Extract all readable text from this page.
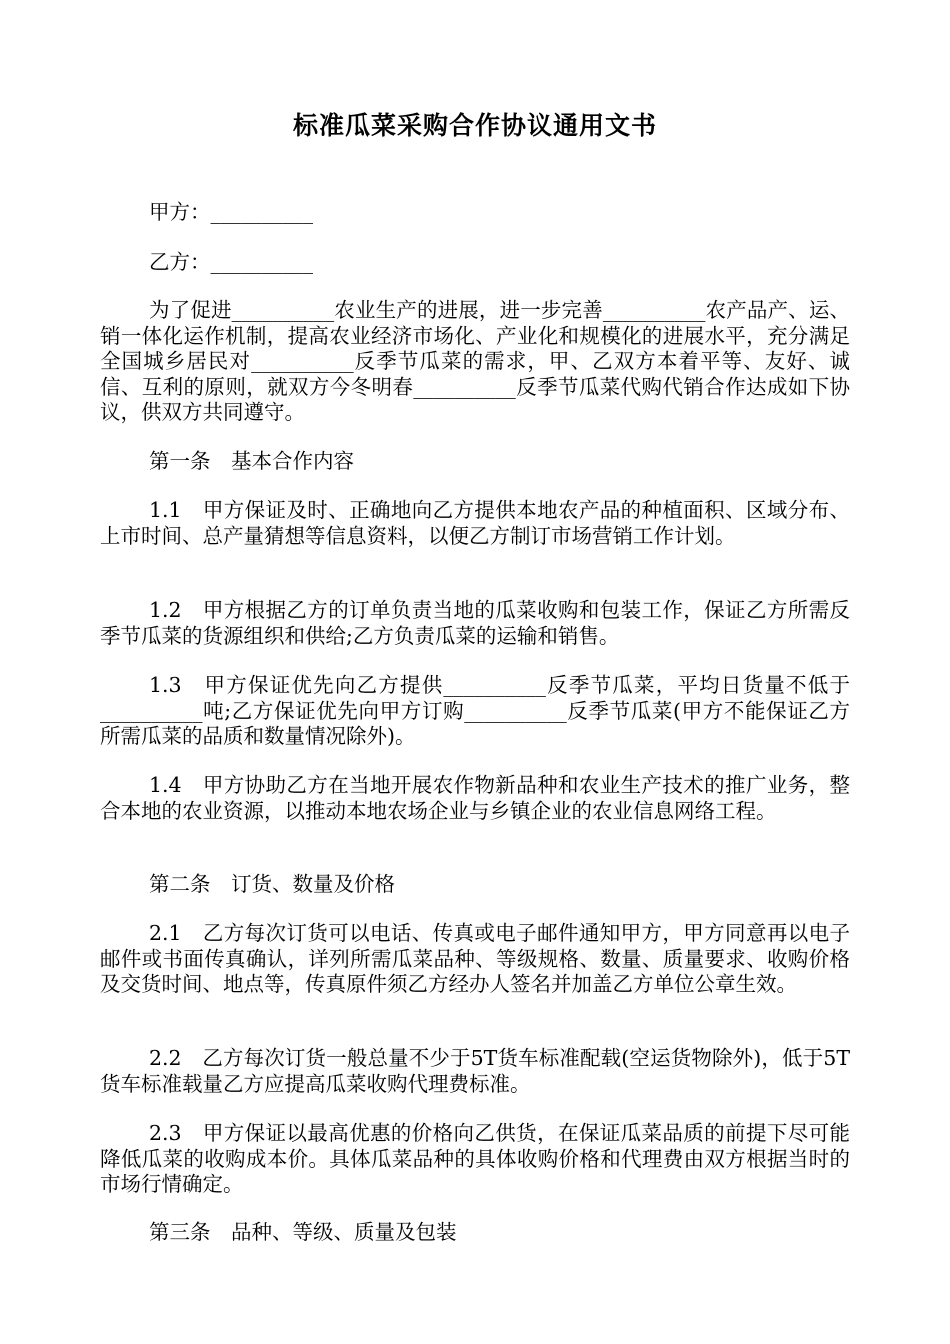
标准瓜菜采购合作协议通用文书
甲方：__________
乙方：__________
为了促进__________农业生产的进展，进一步完善__________农产品产、运、销一体化运作机制，提高农业经济市场化、产业化和规模化的进展水平，充分满足全国城乡居民对__________反季节瓜菜的需求，甲、乙双方本着平等、友好、诚信、互利的原则，就双方今冬明春__________反季节瓜菜代购代销合作达成如下协议，供双方共同遵守。
第一条　基本合作内容
1.1　甲方保证及时、正确地向乙方提供本地农产品的种植面积、区域分布、上市时间、总产量猜想等信息资料，以便乙方制订市场营销工作计划。
1.2　甲方根据乙方的订单负责当地的瓜菜收购和包装工作，保证乙方所需反季节瓜菜的货源组织和供给;乙方负责瓜菜的运输和销售。
1.3　甲方保证优先向乙方提供__________反季节瓜菜，平均日货量不低于__________吨;乙方保证优先向甲方订购__________反季节瓜菜(甲方不能保证乙方所需瓜菜的品质和数量情况除外)。
1.4　甲方协助乙方在当地开展农作物新品种和农业生产技术的推广业务，整合本地的农业资源，以推动本地农场企业与乡镇企业的农业信息网络工程。
第二条　订货、数量及价格
2.1　乙方每次订货可以电话、传真或电子邮件通知甲方，甲方同意再以电子邮件或书面传真确认，详列所需瓜菜品种、等级规格、数量、质量要求、收购价格及交货时间、地点等，传真原件须乙方经办人签名并加盖乙方单位公章生效。
2.2　乙方每次订货一般总量不少于5T货车标准配载(空运货物除外)，低于5T货车标准载量乙方应提高瓜菜收购代理费标准。
2.3　甲方保证以最高优惠的价格向乙供货，在保证瓜菜品质的前提下尽可能降低瓜菜的收购成本价。具体瓜菜品种的具体收购价格和代理费由双方根据当时的市场行情确定。
第三条　品种、等级、质量及包装
